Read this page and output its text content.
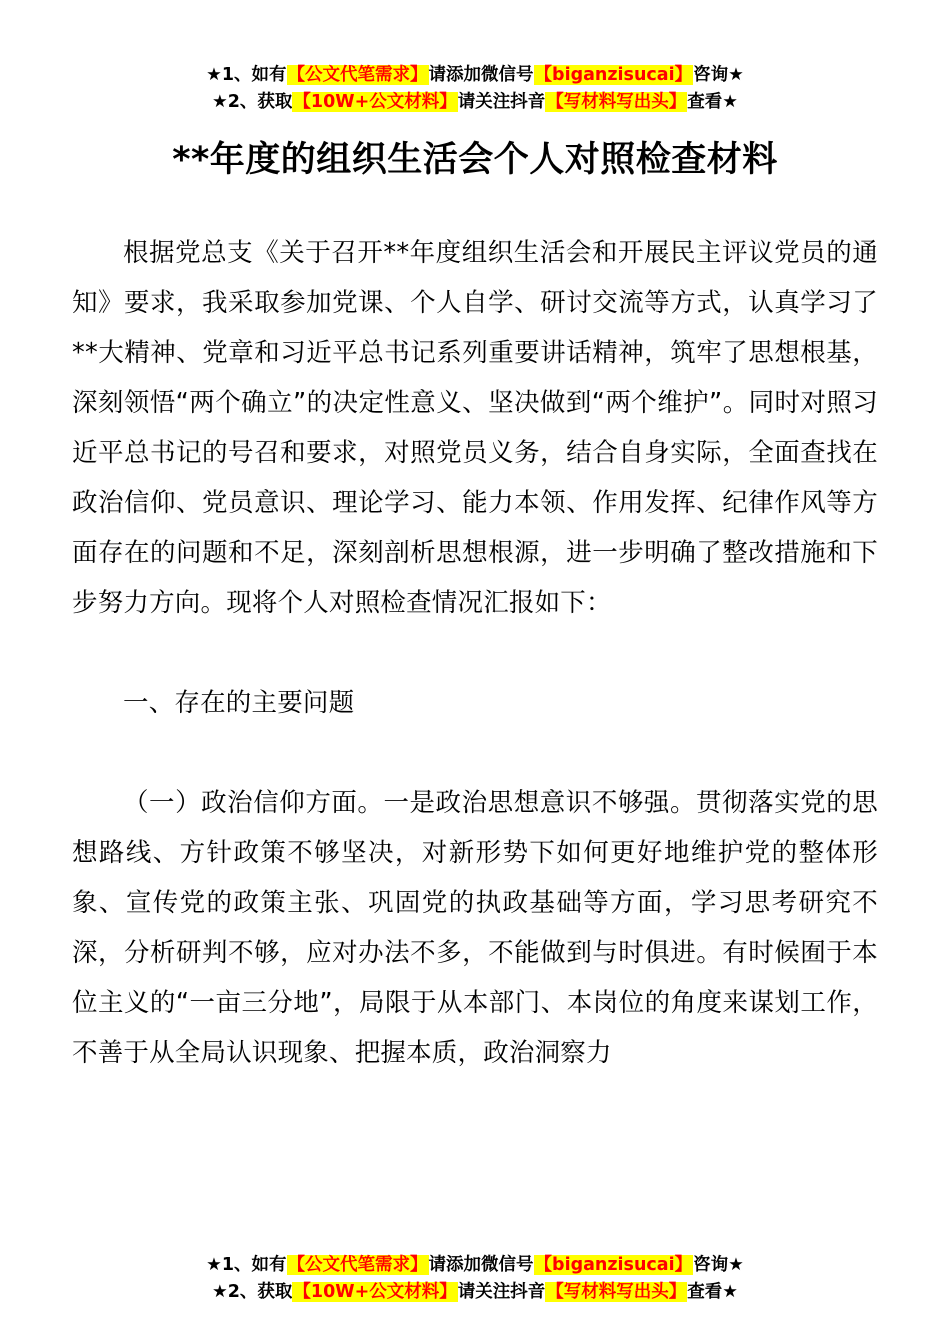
★1、如有【公文代笔需求】请添加微信号【biganzisucai】咨询★
★2、获取【10W+公文材料】请关注抖音【写材料写出头】查看★
**年度的组织生活会个人对照检查材料

根据党总支《关于召开**年度组织生活会和开展民主评议党员的通知》要求，我采取参加党课、个人自学、研讨交流等方式，认真学习了**大精神、党章和习近平总书记系列重要讲话精神，筑牢了思想根基，深刻领悟“两个确立”的决定性意义、坚决做到“两个维护”。同时对照习近平总书记的号召和要求，对照党员义务，结合自身实际，全面查找在政治信仰、党员意识、理论学习、能力本领、作用发挥、纪律作风等方面存在的问题和不足，深刻剖析思想根源，进一步明确了整改措施和下步努力方向。现将个人对照检查情况汇报如下：

一、存在的主要问题

（一）政治信仰方面。一是政治思想意识不够强。贯彻落实党的思想路线、方针政策不够坚决，对新形势下如何更好地维护党的整体形象、宣传党的政策主张、巩固党的执政基础等方面，学习思考研究不深，分析研判不够，应对办法不多，不能做到与时俱进。有时候囿于本位主义的“一亩三分地”，局限于从本部门、本岗位的角度来谋划工作，不善于从全局认识现象、把握本质，政治洞察力

★1、如有【公文代笔需求】请添加微信号【biganzisucai】咨询★
★2、获取【10W+公文材料】请关注抖音【写材料写出头】查看★
